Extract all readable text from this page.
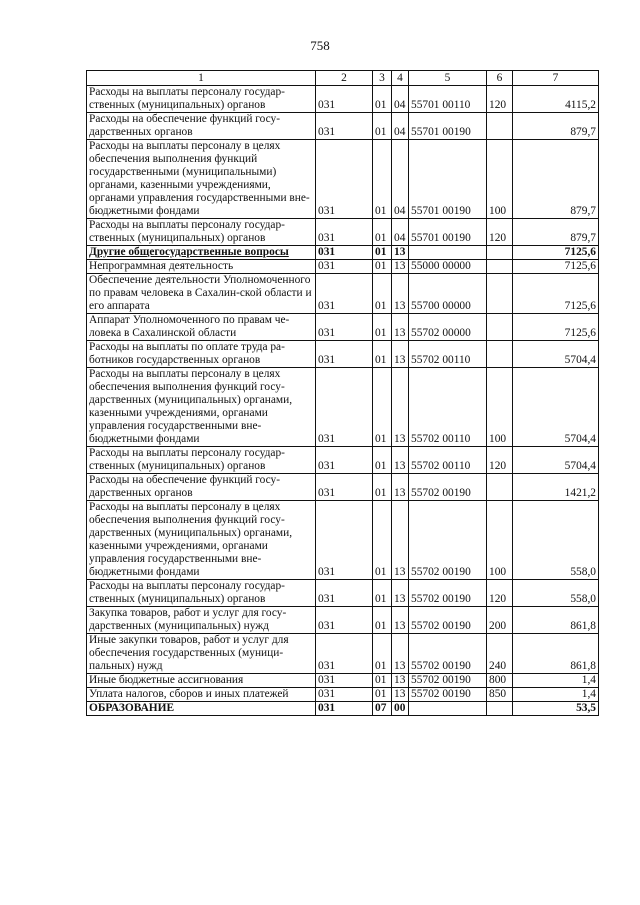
758
1	2	3	4	5	6	7
Расходы на выплаты персоналу государ-ственных (муниципальных) органов	031	01	04	55701 00110	120	4115,2
Расходы на обеспечение функций госу-дарственных органов	031	01	04	55701 00190		879,7
Расходы на выплаты персоналу в целях обеспечения выполнения функций государственными (муниципальными) органами, казенными учреждениями, органами управления государственными вне-бюджетными фондами	031	01	04	55701 00190	100	879,7
Расходы на выплаты персоналу государ-ственных (муниципальных) органов	031	01	04	55701 00190	120	879,7
Другие общегосударственные вопросы	031	01	13			7125,6
Непрограммная деятельность	031	01	13	55000 00000		7125,6
Обеспечение деятельности Уполномоченного по правам человека в Сахалин-ской области и его аппарата	031	01	13	55700 00000		7125,6
Аппарат Уполномоченного по правам че-ловека в Сахалинской области	031	01	13	55702 00000		7125,6
Расходы на выплаты по оплате труда ра-ботников государственных органов	031	01	13	55702 00110		5704,4
Расходы на выплаты персоналу в целях обеспечения выполнения функций госу-дарственных (муниципальных) органами, казенными учреждениями, органами управления государственными вне-бюджетными фондами	031	01	13	55702 00110	100	5704,4
Расходы на выплаты персоналу государ-ственных (муниципальных) органов	031	01	13	55702 00110	120	5704,4
Расходы на обеспечение функций госу-дарственных органов	031	01	13	55702 00190		1421,2
Расходы на выплаты персоналу в целях обеспечения выполнения функций госу-дарственных (муниципальных) органами, казенными учреждениями, органами управления государственными вне-бюджетными фондами	031	01	13	55702 00190	100	558,0
Расходы на выплаты персоналу государ-ственных (муниципальных) органов	031	01	13	55702 00190	120	558,0
Закупка товаров, работ и услуг для госу-дарственных (муниципальных) нужд	031	01	13	55702 00190	200	861,8
Иные закупки товаров, работ и услуг для обеспечения государственных (муници-пальных) нужд	031	01	13	55702 00190	240	861,8
Иные бюджетные ассигнования	031	01	13	55702 00190	800	1,4
Уплата налогов, сборов и иных платежей	031	01	13	55702 00190	850	1,4
ОБРАЗОВАНИЕ	031	07	00			53,5
